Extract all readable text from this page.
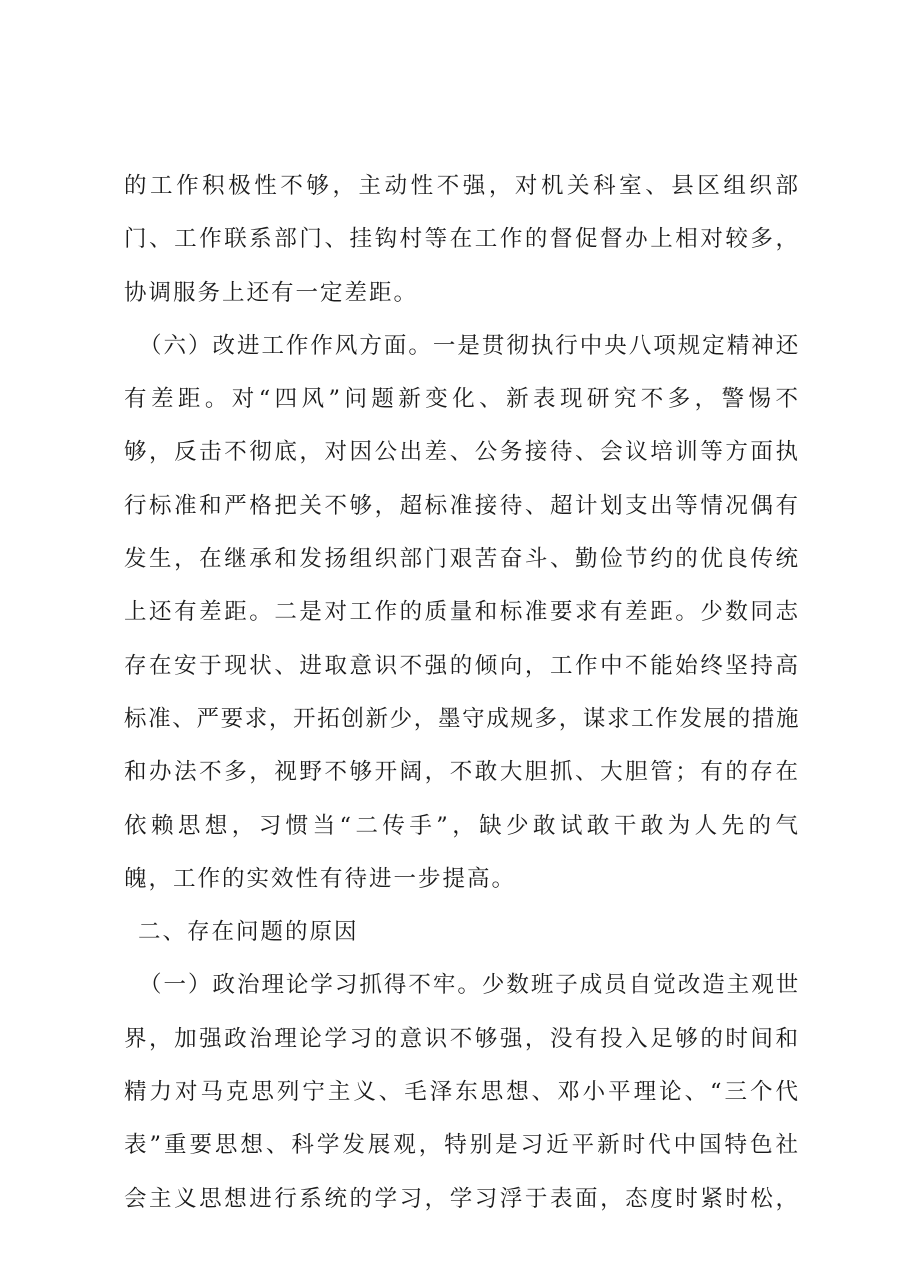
的工作积极性不够，主动性不强，对机关科室、县区组织部
门、工作联系部门、挂钩村等在工作的督促督办上相对较多，
协调服务上还有一定差距。
（六）改进工作作风方面。一是贯彻执行中央八项规定精神还
有差距。对“四风”问题新变化、新表现研究不多，警惕不
够，反击不彻底，对因公出差、公务接待、会议培训等方面执
行标准和严格把关不够，超标准接待、超计划支出等情况偶有
发生，在继承和发扬组织部门艰苦奋斗、勤俭节约的优良传统
上还有差距。二是对工作的质量和标准要求有差距。少数同志
存在安于现状、进取意识不强的倾向，工作中不能始终坚持高
标准、严要求，开拓创新少，墨守成规多，谋求工作发展的措施
和办法不多，视野不够开阔，不敢大胆抓、大胆管；有的存在
依赖思想，习惯当“二传手”，缺少敢试敢干敢为人先的气
魄，工作的实效性有待进一步提高。
二、存在问题的原因
（一）政治理论学习抓得不牢。少数班子成员自觉改造主观世
界，加强政治理论学习的意识不够强，没有投入足够的时间和
精力对马克思列宁主义、毛泽东思想、邓小平理论、“三个代
表”重要思想、科学发展观，特别是习近平新时代中国特色社
会主义思想进行系统的学习，学习浮于表面，态度时紧时松，
